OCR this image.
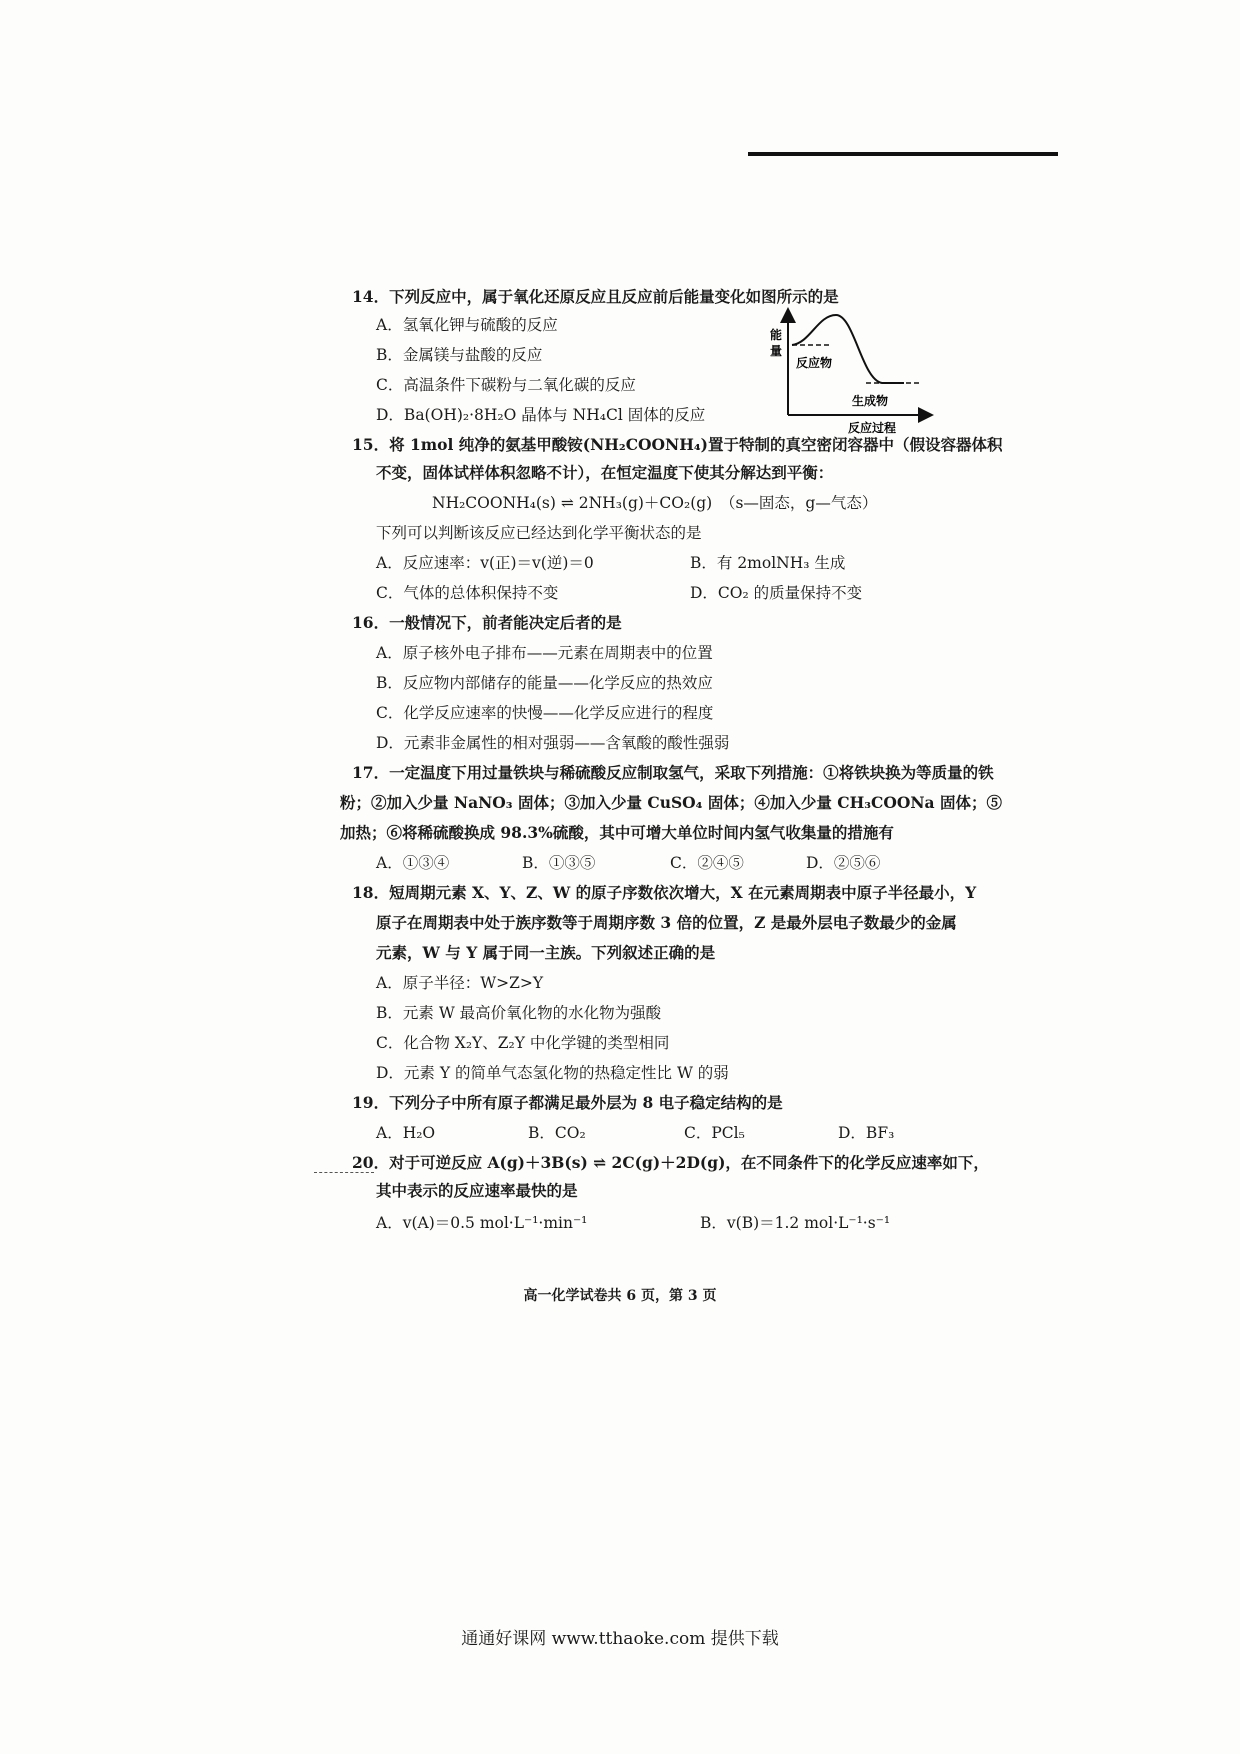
14．下列反应中，属于氧化还原反应且反应前后能量变化如图所示的是
A．氢氧化钾与硫酸的反应
B．金属镁与盐酸的反应
C．高温条件下碳粉与二氧化碳的反应
D．Ba(OH)₂·8H₂O 晶体与 NH₄Cl 固体的反应
能
量
反应物
生成物
反应过程
15．将 1mol 纯净的氨基甲酸铵(NH₂COONH₄)置于特制的真空密闭容器中（假设容器体积
不变，固体试样体积忽略不计），在恒定温度下使其分解达到平衡：
NH₂COONH₄(s) ⇌ 2NH₃(g)＋CO₂(g)　（s—固态，g—气态）
下列可以判断该反应已经达到化学平衡状态的是
A．反应速率：v(正)＝v(逆)＝0	B．有 2molNH₃ 生成
C．气体的总体积保持不变	D．CO₂ 的质量保持不变
16．一般情况下，前者能决定后者的是
A．原子核外电子排布——元素在周期表中的位置
B．反应物内部储存的能量——化学反应的热效应
C．化学反应速率的快慢——化学反应进行的程度
D．元素非金属性的相对强弱——含氧酸的酸性强弱
17．一定温度下用过量铁块与稀硫酸反应制取氢气，采取下列措施：①将铁块换为等质量的铁
粉；②加入少量 NaNO₃ 固体；③加入少量 CuSO₄ 固体；④加入少量 CH₃COONa 固体；⑤
加热；⑥将稀硫酸换成 98.3%硫酸，其中可增大单位时间内氢气收集量的措施有
A．①③④	B．①③⑤	C．②④⑤	D．②⑤⑥
18．短周期元素 X、Y、Z、W 的原子序数依次增大，X 在元素周期表中原子半径最小，Y
原子在周期表中处于族序数等于周期序数 3 倍的位置，Z 是最外层电子数最少的金属
元素，W 与 Y 属于同一主族。下列叙述正确的是
A．原子半径：W>Z>Y
B．元素 W 最高价氧化物的水化物为强酸
C．化合物 X₂Y、Z₂Y 中化学键的类型相同
D．元素 Y 的简单气态氢化物的热稳定性比 W 的弱
19．下列分子中所有原子都满足最外层为 8 电子稳定结构的是
A．H₂O	B．CO₂	C．PCl₅	D．BF₃
20．对于可逆反应 A(g)＋3B(s) ⇌ 2C(g)＋2D(g)，在不同条件下的化学反应速率如下，
其中表示的反应速率最快的是
A．v(A)＝0.5 mol·L⁻¹·min⁻¹	B．v(B)＝1.2 mol·L⁻¹·s⁻¹
高一化学试卷共 6 页，第 3 页
通通好课网 www.tthaoke.com 提供下载
